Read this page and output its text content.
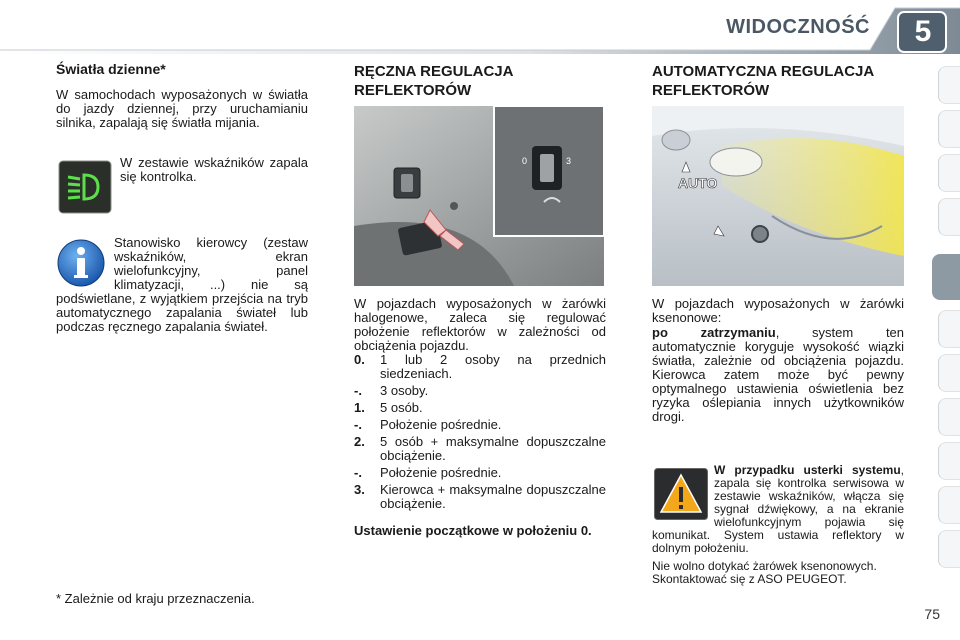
WIDOCZNOŚĆ	5
Światła dzienne*
W samochodach wyposażonych w światła do jazdy dziennej, przy uruchamianiu silnika, zapalają się światła mijania.
W zestawie wskaźników zapala się kontrolka.
Stanowisko kierowcy (zestaw wskaźników, ekran wielofunkcyjny, panel klimatyzacji, ...) nie są podświetlane, z wyjątkiem przejścia na tryb automatycznego zapalania świateł lub podczas ręcznego zapalania świateł.
* Zależnie od kraju przeznaczenia.
RĘCZNA REGULACJA REFLEKTORÓW
0	3
W pojazdach wyposażonych w żarówki halogenowe, zaleca się regulować położenie reflektorów w zależności od obciążenia pojazdu.
0.	1 lub 2 osoby na przednich siedzeniach.
-.	3 osoby.
1.	5 osób.
-.	Położenie pośrednie.
2.	5 osób + maksymalne dopuszczalne obciążenie.
-.	Położenie pośrednie.
3.	Kierowca + maksymalne dopuszczalne obciążenie.
Ustawienie początkowe w położeniu 0.
AUTOMATYCZNA REGULACJA REFLEKTORÓW
AUTO
W pojazdach wyposażonych w żarówki ksenonowe:
po zatrzymaniu, system ten automatycznie koryguje wysokość wiązki światła, zależnie od obciążenia pojazdu. Kierowca zatem może być pewny optymalnego ustawienia oświetlenia bez ryzyka oślepiania innych użytkowników drogi.
W przypadku usterki systemu, zapala się kontrolka serwisowa w zestawie wskaźników, włącza się sygnał dźwiękowy, a na ekranie wielofunkcyjnym pojawia się komunikat. System ustawia reflektory w dolnym położeniu.
Nie wolno dotykać żarówek ksenonowych. Skontaktować się z ASO PEUGEOT.
75
